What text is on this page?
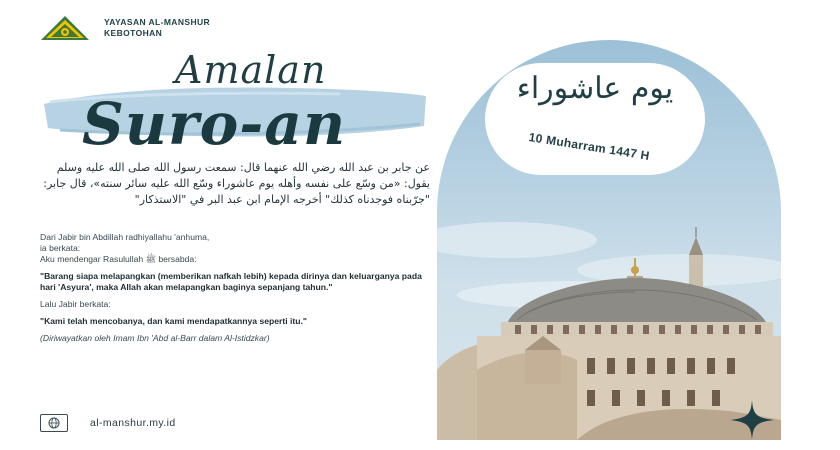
YAYASAN AL-MANSHUR
KEBOTOHAN
Amalan
Suro-an
عن جابر بن عبد الله رضي الله عنهما قال: سمعت رسول الله صلى الله عليه وسلم يقول: «من وسّع على نفسه وأهله يوم عاشوراء وسّع الله عليه سائر سنته»، قال جابر: "جرّبناه فوجدناه كذلك" أخرجه الإمام ابن عبد البر في "الاستذكار"

Dari Jabir bin Abdillah radhiyallahu 'anhuma,

ia berkata:

Aku mendengar Rasulullah ﷺ bersabda:

"Barang siapa melapangkan (memberikan nafkah lebih) kepada dirinya dan keluarganya pada hari 'Asyura', maka Allah akan melapangkan baginya sepanjang tahun."

Lalu Jabir berkata:

"Kami telah mencobanya, dan kami mendapatkannya seperti itu."

(Diriwayatkan oleh Imam Ibn 'Abd al-Barr dalam Al-Istidzkar)

al-manshur.my.id
يوم عاشوراء
10 Muharram 1447 H
